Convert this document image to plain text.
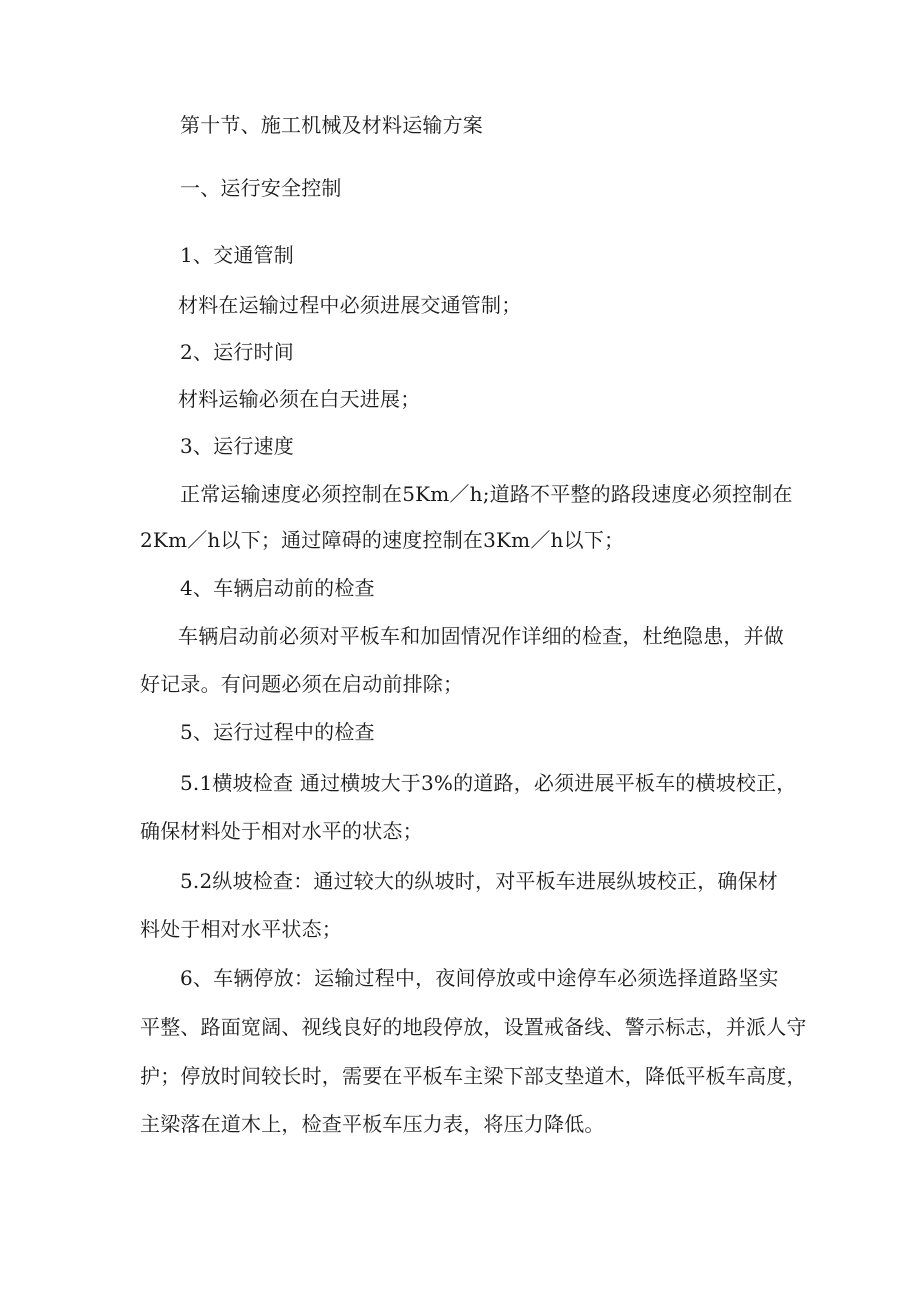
第十节、施工机械及材料运输方案
一、运行安全控制
1、交通管制
材料在运输过程中必须进展交通管制；
2、运行时间
材料运输必须在白天进展；
3、运行速度
正常运输速度必须控制在5Km／h;道路不平整的路段速度必须控制在
2Km／h以下；通过障碍的速度控制在3Km／h以下；
4、车辆启动前的检查
车辆启动前必须对平板车和加固情况作详细的检查，杜绝隐患，并做
好记录。有问题必须在启动前排除；
5、运行过程中的检查
5.1横坡检查 通过横坡大于3%的道路，必须进展平板车的横坡校正，
确保材料处于相对水平的状态；
5.2纵坡检查：通过较大的纵坡时，对平板车进展纵坡校正，确保材
料处于相对水平状态；
6、车辆停放：运输过程中，夜间停放或中途停车必须选择道路坚实
平整、路面宽阔、视线良好的地段停放，设置戒备线、警示标志，并派人守
护；停放时间较长时，需要在平板车主梁下部支垫道木，降低平板车高度，
主梁落在道木上，检查平板车压力表，将压力降低。
